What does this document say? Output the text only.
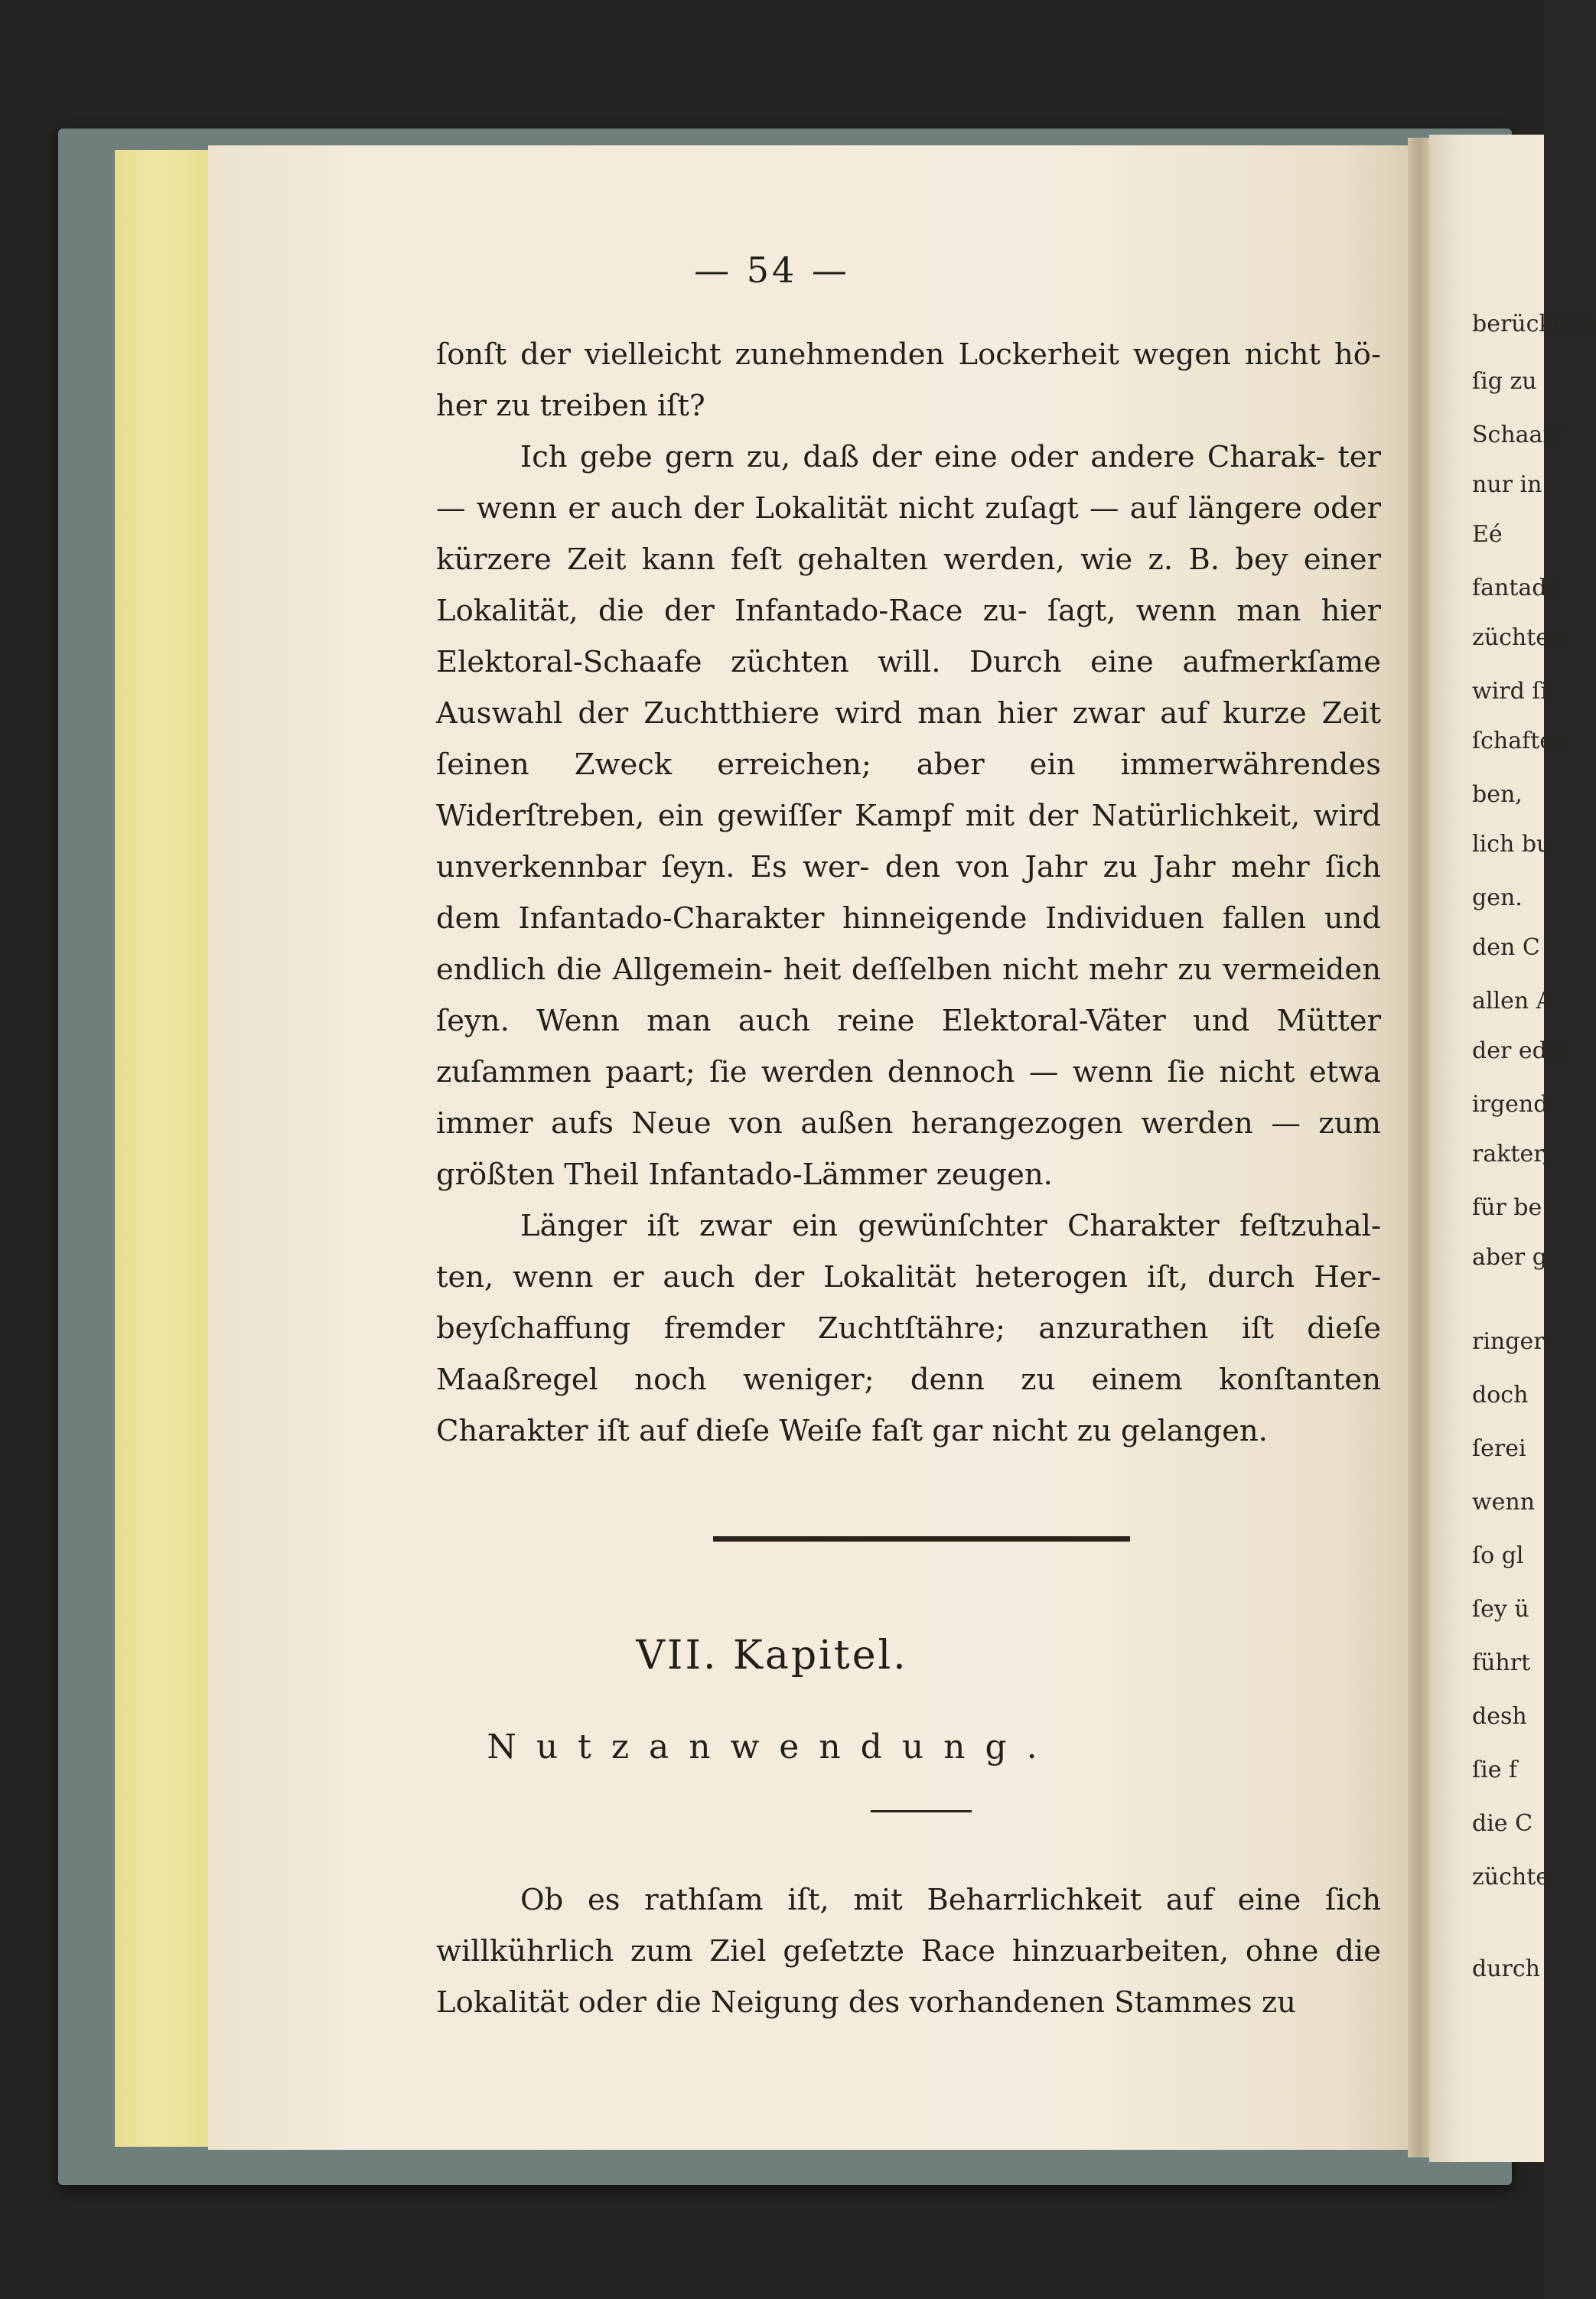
berückſich
ſig zu
Schaafſ
nur in
Eé
fantado
züchten
wird ſi
ſchaften
ben,
lich bu
gen.
den C
allen A
der edel
irgend
rakter,
für be
aber g
ringer
doch
ſerei
wenn
ſo gl
ſey ü
führt
desh
ſie f
die C
züchte
durch
— 54 —

ſonſt der vielleicht zunehmenden Lockerheit wegen nicht hö- her zu treiben iſt?

Ich gebe gern zu, daß der eine oder andere Charak- ter — wenn er auch der Lokalität nicht zuſagt — auf längere oder kürzere Zeit kann feſt gehalten werden, wie z. B. bey einer Lokalität, die der Infantado-Race zu- ſagt, wenn man hier Elektoral-Schaafe züchten will. Durch eine aufmerkſame Auswahl der Zuchtthiere wird man hier zwar auf kurze Zeit ſeinen Zweck erreichen; aber ein immerwährendes Widerſtreben, ein gewiſſer Kampf mit der Natürlichkeit, wird unverkennbar ſeyn. Es wer- den von Jahr zu Jahr mehr ſich dem Infantado-Charakter hinneigende Individuen fallen und endlich die Allgemein- heit deſſelben nicht mehr zu vermeiden ſeyn. Wenn man auch reine Elektoral-Väter und Mütter zuſammen paart; ſie werden dennoch — wenn ſie nicht etwa immer aufs Neue von außen herangezogen werden — zum größten Theil Infantado-Lämmer zeugen.

Länger iſt zwar ein gewünſchter Charakter feſtzuhal- ten, wenn er auch der Lokalität heterogen iſt, durch Her- beyſchaffung fremder Zuchtſtähre; anzurathen iſt dieſe Maaßregel noch weniger; denn zu einem konſtanten Charakter iſt auf dieſe Weiſe faſt gar nicht zu gelangen.

VII. Kapitel.
Nutzanwendung.

Ob es rathſam iſt, mit Beharrlichkeit auf eine ſich willkührlich zum Ziel geſetzte Race hinzuarbeiten, ohne die Lokalität oder die Neigung des vorhandenen Stammes zu
